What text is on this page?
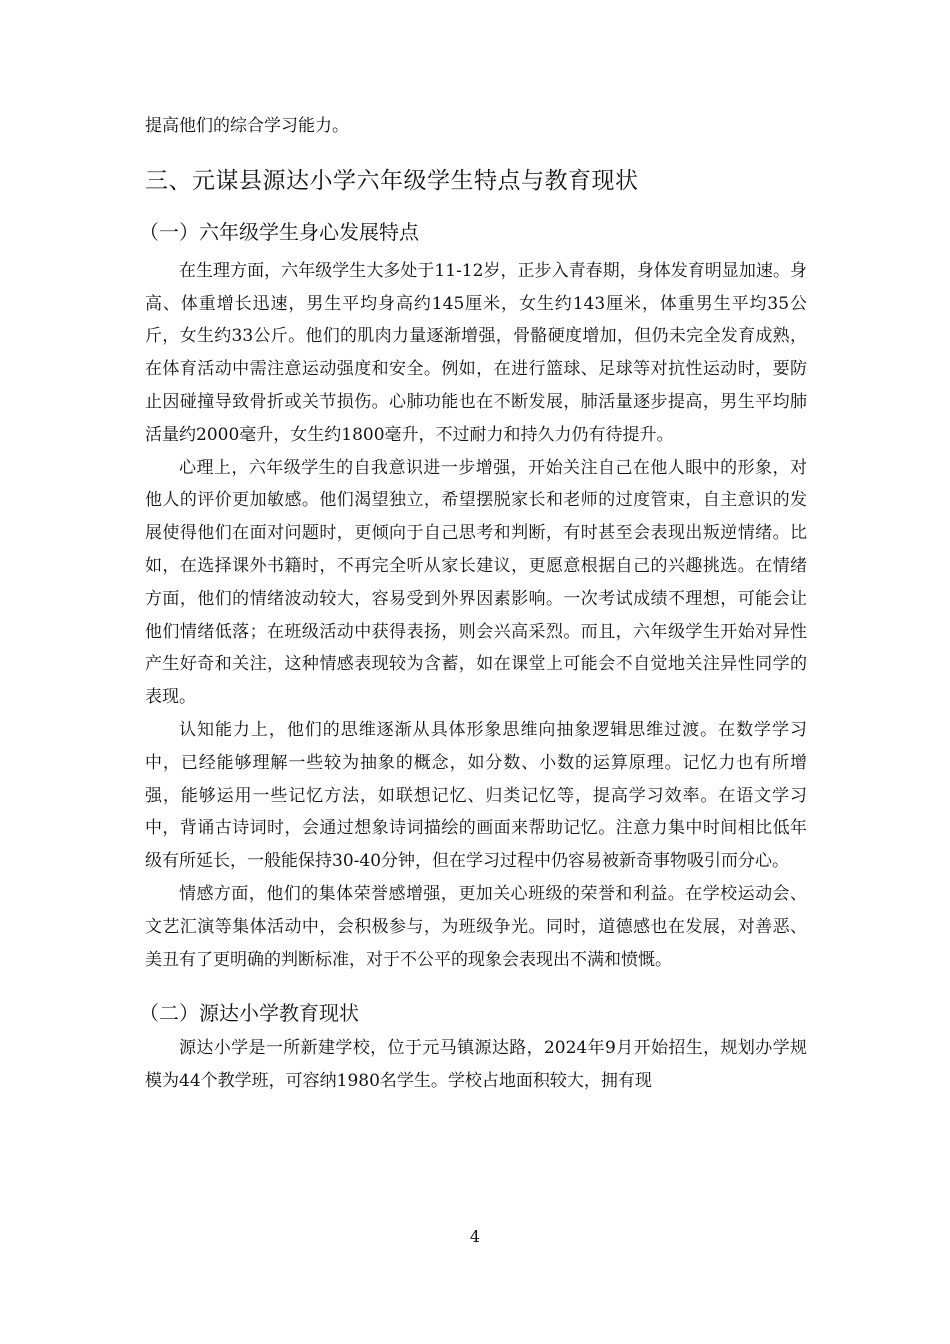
提高他们的综合学习能力。

三、元谋县源达小学六年级学生特点与教育现状
（一）六年级学生身心发展特点

在生理方面，六年级学生大多处于11-12岁，正步入青春期，身体发育明显加速。身高、体重增长迅速，男生平均身高约145厘米，女生约143厘米，体重男生平均35公斤，女生约33公斤。他们的肌肉力量逐渐增强，骨骼硬度增加，但仍未完全发育成熟，在体育活动中需注意运动强度和安全。例如，在进行篮球、足球等对抗性运动时，要防止因碰撞导致骨折或关节损伤。心肺功能也在不断发展，肺活量逐步提高，男生平均肺活量约2000毫升，女生约1800毫升，不过耐力和持久力仍有待提升。

心理上，六年级学生的自我意识进一步增强，开始关注自己在他人眼中的形象，对他人的评价更加敏感。他们渴望独立，希望摆脱家长和老师的过度管束，自主意识的发展使得他们在面对问题时，更倾向于自己思考和判断，有时甚至会表现出叛逆情绪。比如，在选择课外书籍时，不再完全听从家长建议，更愿意根据自己的兴趣挑选。在情绪方面，他们的情绪波动较大，容易受到外界因素影响。一次考试成绩不理想，可能会让他们情绪低落；在班级活动中获得表扬，则会兴高采烈。而且，六年级学生开始对异性产生好奇和关注，这种情感表现较为含蓄，如在课堂上可能会不自觉地关注异性同学的表现。

认知能力上，他们的思维逐渐从具体形象思维向抽象逻辑思维过渡。在数学学习中，已经能够理解一些较为抽象的概念，如分数、小数的运算原理。记忆力也有所增强，能够运用一些记忆方法，如联想记忆、归类记忆等，提高学习效率。在语文学习中，背诵古诗词时，会通过想象诗词描绘的画面来帮助记忆。注意力集中时间相比低年级有所延长，一般能保持30-40分钟，但在学习过程中仍容易被新奇事物吸引而分心。

情感方面，他们的集体荣誉感增强，更加关心班级的荣誉和利益。在学校运动会、文艺汇演等集体活动中，会积极参与，为班级争光。同时，道德感也在发展，对善恶、美丑有了更明确的判断标准，对于不公平的现象会表现出不满和愤慨。

（二）源达小学教育现状

源达小学是一所新建学校，位于元马镇源达路，2024年9月开始招生，规划办学规模为44个教学班，可容纳1980名学生。学校占地面积较大，拥有现

4
